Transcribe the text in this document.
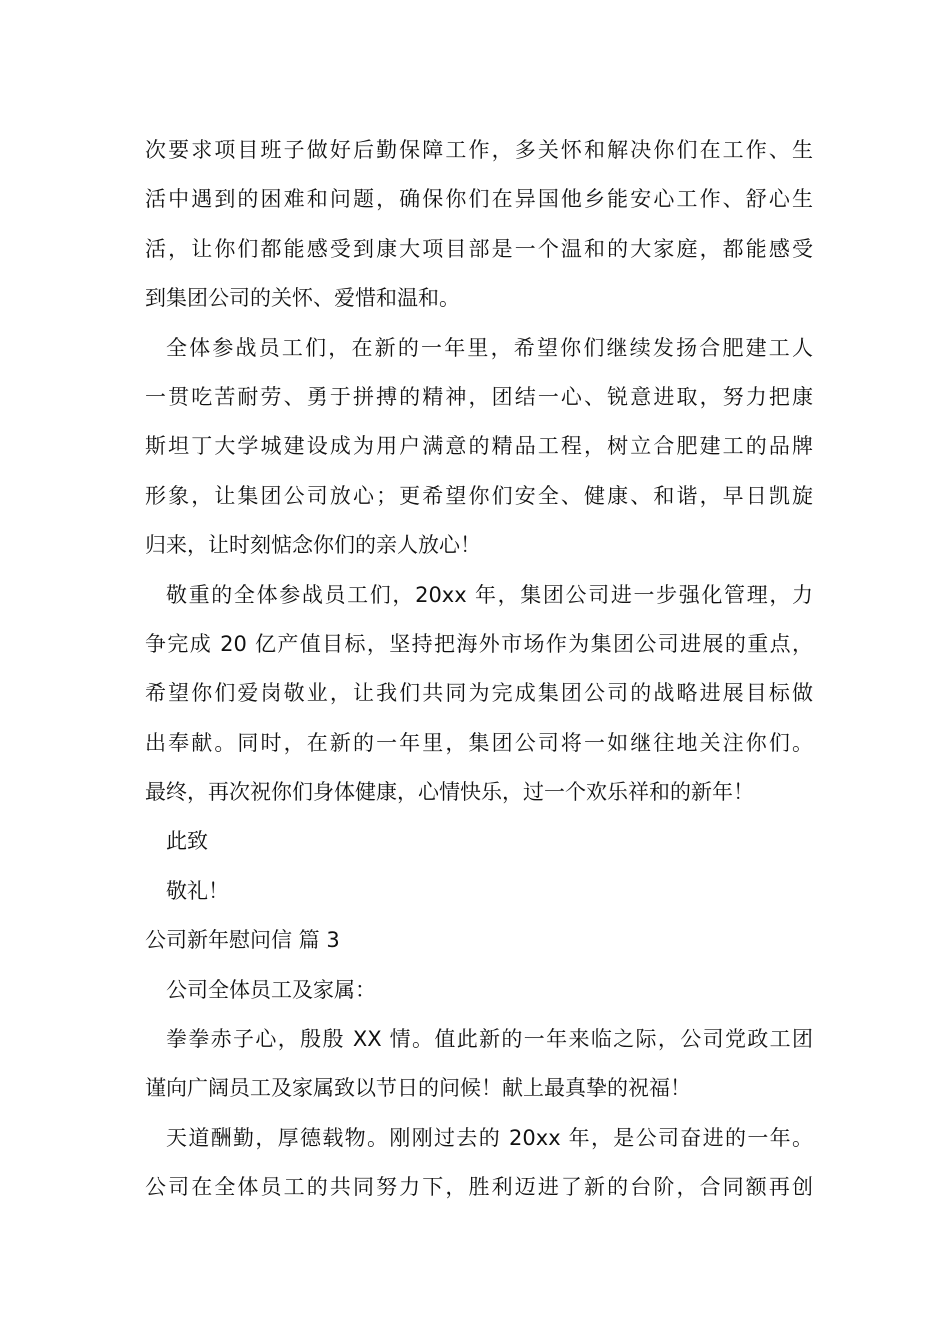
次要求项目班子做好后勤保障工作，多关怀和解决你们在工作、生
活中遇到的困难和问题，确保你们在异国他乡能安心工作、舒心生
活，让你们都能感受到康大项目部是一个温和的大家庭，都能感受
到集团公司的关怀、爱惜和温和。
全体参战员工们，在新的一年里，希望你们继续发扬合肥建工人
一贯吃苦耐劳、勇于拼搏的精神，团结一心、锐意进取，努力把康
斯坦丁大学城建设成为用户满意的精品工程，树立合肥建工的品牌
形象，让集团公司放心；更希望你们安全、健康、和谐，早日凯旋
归来，让时刻惦念你们的亲人放心！
敬重的全体参战员工们，20xx 年，集团公司进一步强化管理，力
争完成 20 亿产值目标，坚持把海外市场作为集团公司进展的重点，
希望你们爱岗敬业，让我们共同为完成集团公司的战略进展目标做
出奉献。同时，在新的一年里，集团公司将一如继往地关注你们。
最终，再次祝你们身体健康，心情快乐，过一个欢乐祥和的新年！
此致
敬礼！
公司新年慰问信 篇 3
公司全体员工及家属：
拳拳赤子心，殷殷 XX 情。值此新的一年来临之际，公司党政工团
谨向广阔员工及家属致以节日的问候！献上最真挚的祝福！
天道酬勤，厚德载物。刚刚过去的 20xx 年，是公司奋进的一年。
公司在全体员工的共同努力下，胜利迈进了新的台阶，合同额再创
